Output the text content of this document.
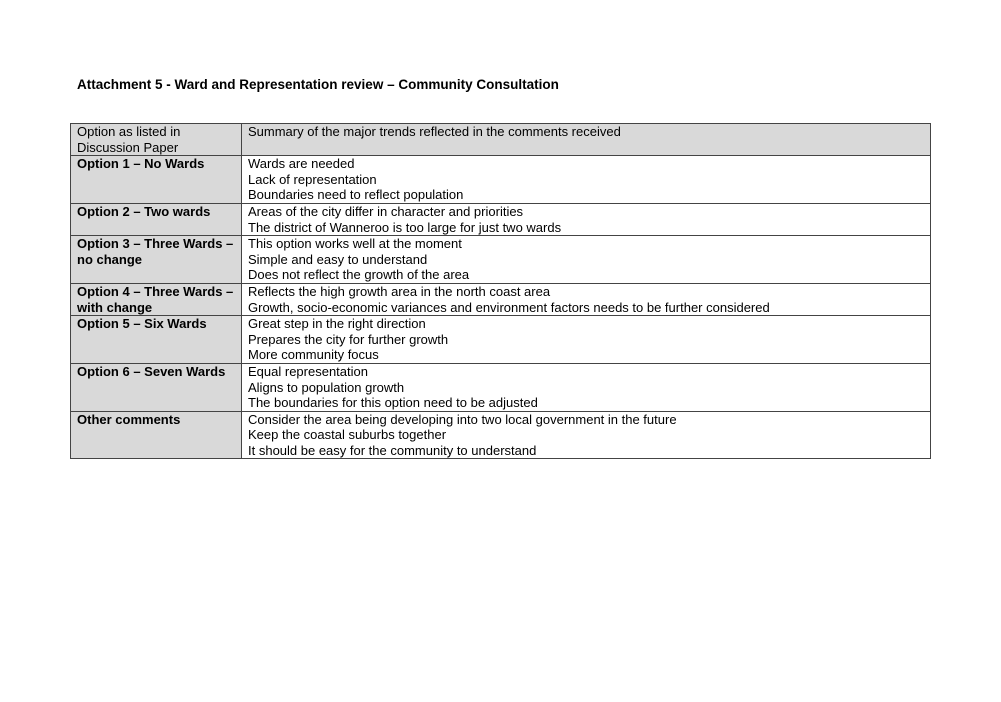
Attachment 5 - Ward and Representation review – Community Consultation
Option as listed in Discussion Paper	Summary of the major trends reflected in the comments received
Option 1 – No Wards	Wards are needed
Lack of representation
Boundaries need to reflect population

Option 2 – Two wards	Areas of the city differ in character and priorities
The district of Wanneroo is too large for just two wards

Option 3 – Three Wards – no change	This option works well at the moment
Simple and easy to understand
Does not reflect the growth of the area

Option 4 – Three Wards – with change	Reflects the high growth area in the north coast area
Growth, socio-economic variances and environment factors needs to be further considered

Option 5 – Six Wards	Great step in the right direction
Prepares the city for further growth
More community focus

Option 6 – Seven Wards	Equal representation
Aligns to population growth
The boundaries for this option need to be adjusted

Other comments	Consider the area being developing into two local government in the future
Keep the coastal suburbs together
It should be easy for the community to understand
